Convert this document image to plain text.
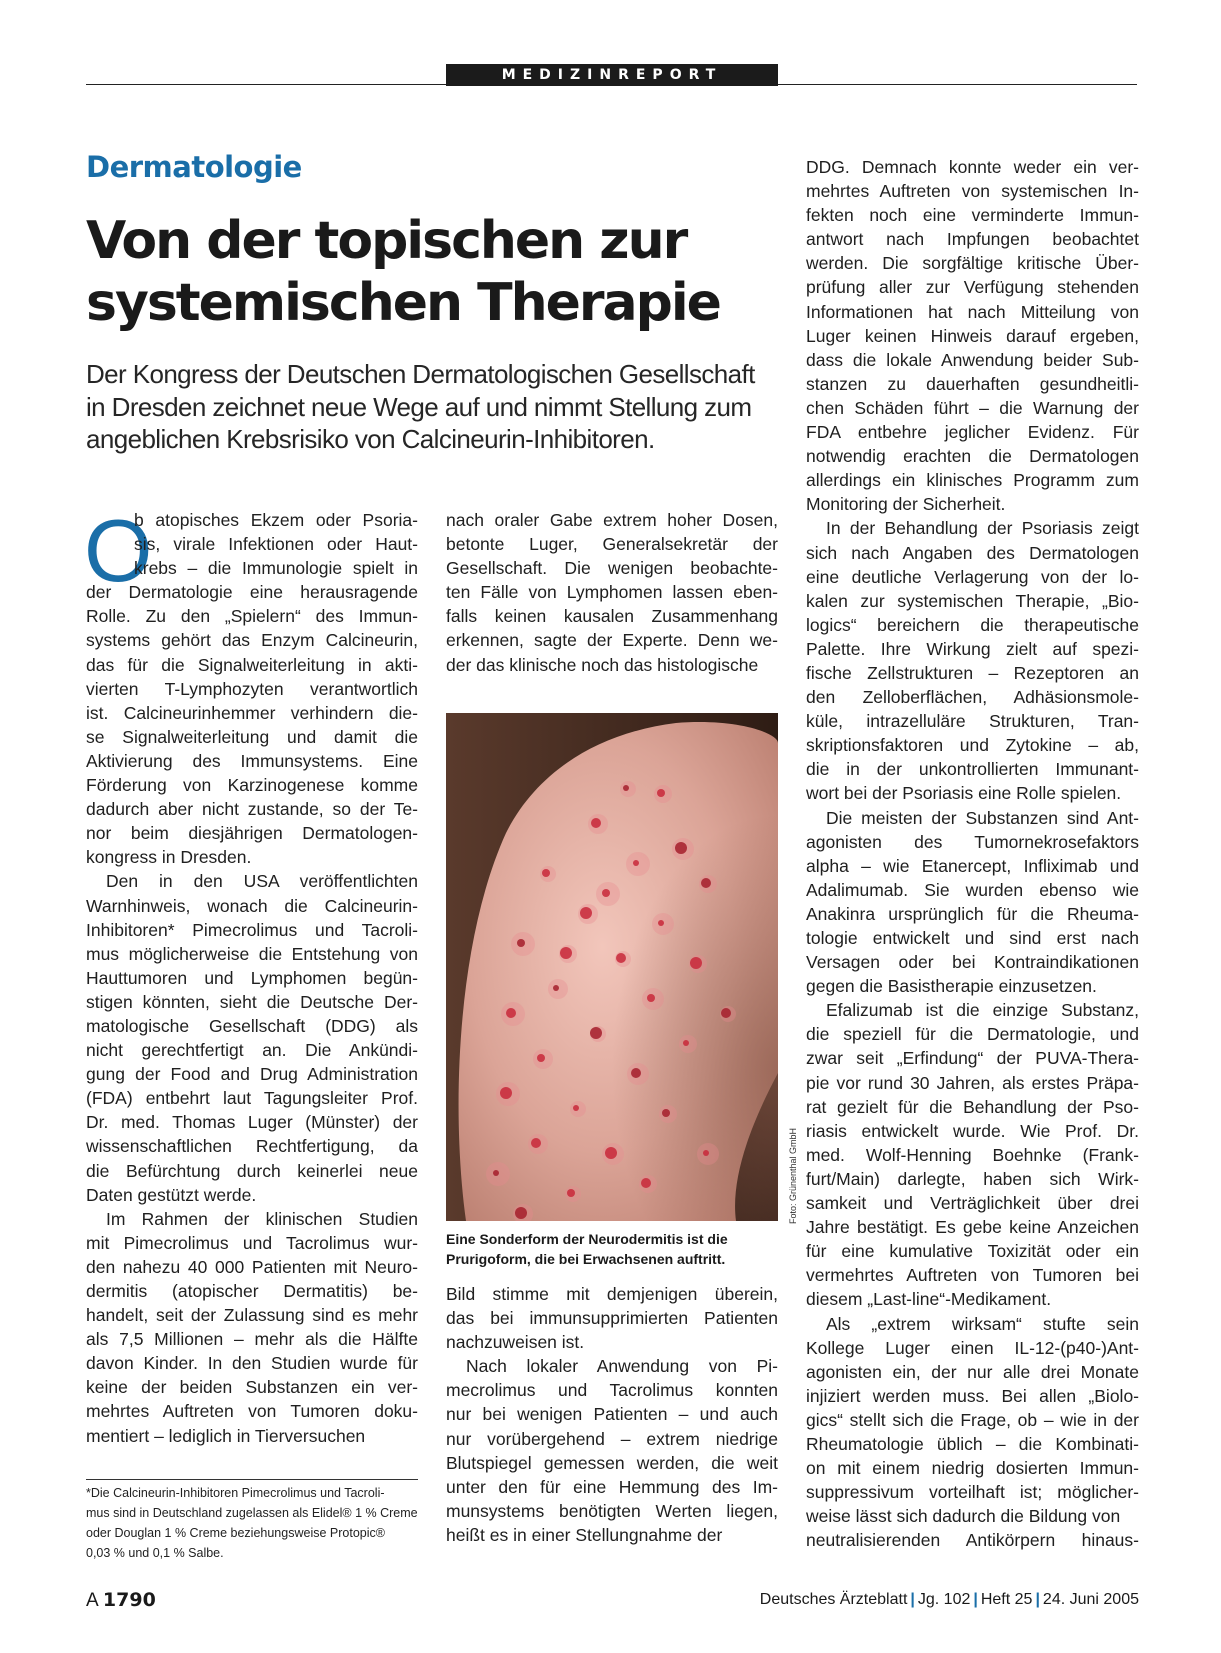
MEDIZINREPORT
Dermatologie
Von der topischen zur
systemischen Therapie
Der Kongress der Deutschen Dermatologischen Gesellschaft
in Dresden zeichnet neue Wege auf und nimmt Stellung zum
angeblichen Krebsrisiko von Calcineurin-Inhibitoren.
O
b atopisches Ekzem oder Psoria-
sis, virale Infektionen oder Haut-
krebs – die Immunologie spielt in
der Dermatologie eine herausragende
Rolle. Zu den „Spielern“ des Immun-
systems gehört das Enzym Calcineurin,
das für die Signalweiterleitung in akti-
vierten T-Lymphozyten verantwortlich
ist. Calcineurinhemmer verhindern die-
se Signalweiterleitung und damit die
Aktivierung des Immunsystems. Eine
Förderung von Karzinogenese komme
dadurch aber nicht zustande, so der Te-
nor beim diesjährigen Dermatologen-
kongress in Dresden.
Den in den USA veröffentlichten
Warnhinweis, wonach die Calcineurin-
Inhibitoren* Pimecrolimus und Tacroli-
mus möglicherweise die Entstehung von
Hauttumoren und Lymphomen begün-
stigen könnten, sieht die Deutsche Der-
matologische Gesellschaft (DDG) als
nicht gerechtfertigt an. Die Ankündi-
gung der Food and Drug Administration
(FDA) entbehrt laut Tagungsleiter Prof.
Dr. med. Thomas Luger (Münster) der
wissenschaftlichen Rechtfertigung, da
die Befürchtung durch keinerlei neue
Daten gestützt werde.
Im Rahmen der klinischen Studien
mit Pimecrolimus und Tacrolimus wur-
den nahezu 40 000 Patienten mit Neuro-
dermitis (atopischer Dermatitis) be-
handelt, seit der Zulassung sind es mehr
als 7,5 Millionen – mehr als die Hälfte
davon Kinder. In den Studien wurde für
keine der beiden Substanzen ein ver-
mehrtes Auftreten von Tumoren doku-
mentiert – lediglich in Tierversuchen
nach oraler Gabe extrem hoher Dosen,
betonte Luger, Generalsekretär der
Gesellschaft. Die wenigen beobachte-
ten Fälle von Lymphomen lassen eben-
falls keinen kausalen Zusammenhang
erkennen, sagte der Experte. Denn we-
der das klinische noch das histologische
Foto: Grünenthal GmbH
Eine Sonderform der Neurodermitis ist die
Prurigoform, die bei Erwachsenen auftritt.
Bild stimme mit demjenigen überein,
das bei immunsupprimierten Patienten
nachzuweisen ist.
Nach lokaler Anwendung von Pi-
mecrolimus und Tacrolimus konnten
nur bei wenigen Patienten – und auch
nur vorübergehend – extrem niedrige
Blutspiegel gemessen werden, die weit
unter den für eine Hemmung des Im-
munsystems benötigten Werten liegen,
heißt es in einer Stellungnahme der
DDG. Demnach konnte weder ein ver-
mehrtes Auftreten von systemischen In-
fekten noch eine verminderte Immun-
antwort nach Impfungen beobachtet
werden. Die sorgfältige kritische Über-
prüfung aller zur Verfügung stehenden
Informationen hat nach Mitteilung von
Luger keinen Hinweis darauf ergeben,
dass die lokale Anwendung beider Sub-
stanzen zu dauerhaften gesundheitli-
chen Schäden führt – die Warnung der
FDA entbehre jeglicher Evidenz. Für
notwendig erachten die Dermatologen
allerdings ein klinisches Programm zum
Monitoring der Sicherheit.
In der Behandlung der Psoriasis zeigt
sich nach Angaben des Dermatologen
eine deutliche Verlagerung von der lo-
kalen zur systemischen Therapie, „Bio-
logics“ bereichern die therapeutische
Palette. Ihre Wirkung zielt auf spezi-
fische Zellstrukturen – Rezeptoren an
den Zelloberflächen, Adhäsionsmole-
küle, intrazelluläre Strukturen, Tran-
skriptionsfaktoren und Zytokine – ab,
die in der unkontrollierten Immunant-
wort bei der Psoriasis eine Rolle spielen.
Die meisten der Substanzen sind Ant-
agonisten des Tumornekrosefaktors
alpha – wie Etanercept, Infliximab und
Adalimumab. Sie wurden ebenso wie
Anakinra ursprünglich für die Rheuma-
tologie entwickelt und sind erst nach
Versagen oder bei Kontraindikationen
gegen die Basistherapie einzusetzen.
Efalizumab ist die einzige Substanz,
die speziell für die Dermatologie, und
zwar seit „Erfindung“ der PUVA-Thera-
pie vor rund 30 Jahren, als erstes Präpa-
rat gezielt für die Behandlung der Pso-
riasis entwickelt wurde. Wie Prof. Dr.
med. Wolf-Henning Boehnke (Frank-
furt/Main) darlegte, haben sich Wirk-
samkeit und Verträglichkeit über drei
Jahre bestätigt. Es gebe keine Anzeichen
für eine kumulative Toxizität oder ein
vermehrtes Auftreten von Tumoren bei
diesem „Last-line“-Medikament.
Als „extrem wirksam“ stufte sein
Kollege Luger einen IL-12-(p40-)Ant-
agonisten ein, der nur alle drei Monate
injiziert werden muss. Bei allen „Biolo-
gics“ stellt sich die Frage, ob – wie in der
Rheumatologie üblich – die Kombinati-
on mit einem niedrig dosierten Immun-
suppressivum vorteilhaft ist; möglicher-
weise lässt sich dadurch die Bildung von
neutralisierenden Antikörpern hinaus-
*Die Calcineurin-Inhibitoren Pimecrolimus und Tacroli-
mus sind in Deutschland zugelassen als Elidel® 1 % Creme
oder Douglan 1 % Creme beziehungsweise Protopic®
0,03 % und 0,1 % Salbe.
A 1790	Deutsches Ärzteblatt | Jg. 102 | Heft 25 | 24. Juni 2005
